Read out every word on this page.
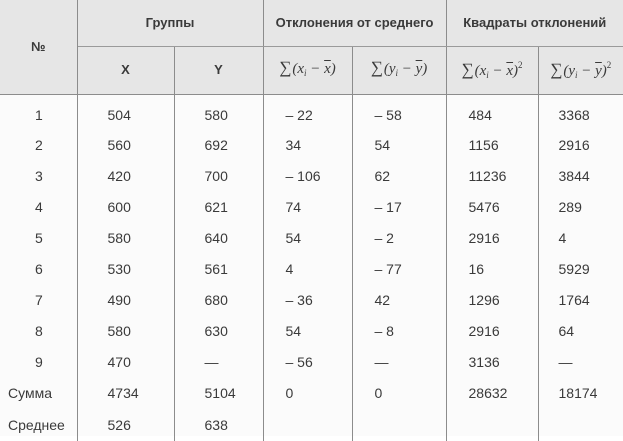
№	Группы		Отклонения от среднего		Квадраты отклонений	
	X	Y	$\sum(x_i - \overline{x})$	$\sum(y_i - \overline{y})$	$\sum(x_i - \overline{x})^2$	$\sum(y_i - \overline{y})^2$
1	504	580	– 22	– 58	484	3368
2	560	692	34	54	1156	2916
3	420	700	– 106	62	11236	3844
4	600	621	74	– 17	5476	289
5	580	640	54	– 2	2916	4
6	530	561	4	– 77	16	5929
7	490	680	– 36	42	1296	1764
8	580	630	54	– 8	2916	64
9	470	—	– 56	—	3136	—
Сумма	4734	5104	0	0	28632	18174
Среднее	526	638				
